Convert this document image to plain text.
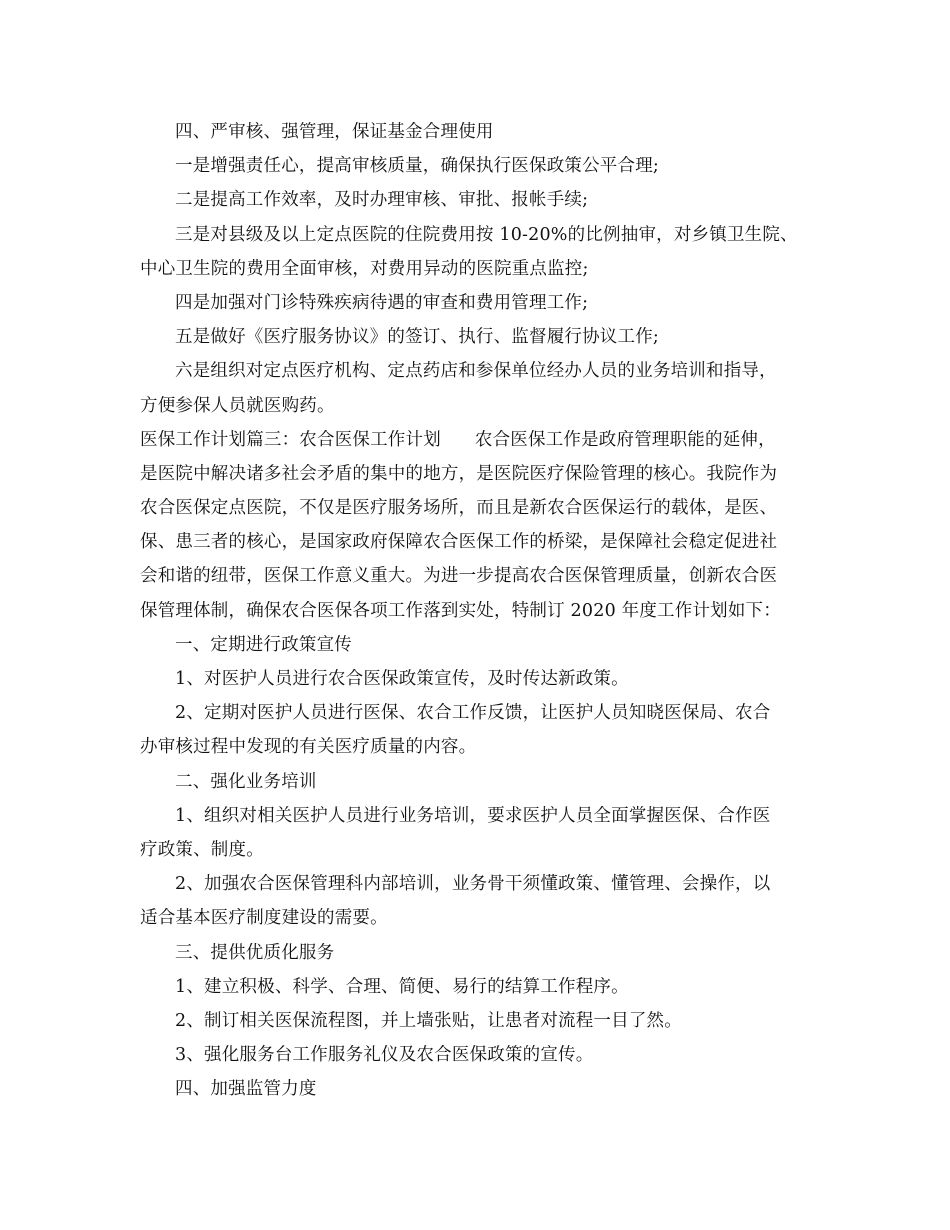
四、严审核、强管理，保证基金合理使用
一是增强责任心，提高审核质量，确保执行医保政策公平合理;
二是提高工作效率，及时办理审核、审批、报帐手续;
三是对县级及以上定点医院的住院费用按 10-20%的比例抽审，对乡镇卫生院、
中心卫生院的费用全面审核，对费用异动的医院重点监控;
四是加强对门诊特殊疾病待遇的审查和费用管理工作;
五是做好《医疗服务协议》的签订、执行、监督履行协议工作;
六是组织对定点医疗机构、定点药店和参保单位经办人员的业务培训和指导，
方便参保人员就医购药。
医保工作计划篇三：农合医保工作计划 农合医保工作是政府管理职能的延伸，
是医院中解决诸多社会矛盾的集中的地方，是医院医疗保险管理的核心。我院作为
农合医保定点医院，不仅是医疗服务场所，而且是新农合医保运行的载体，是医、
保、患三者的核心，是国家政府保障农合医保工作的桥梁，是保障社会稳定促进社
会和谐的纽带，医保工作意义重大。为进一步提高农合医保管理质量，创新农合医
保管理体制，确保农合医保各项工作落到实处，特制订 2020 年度工作计划如下：
一、定期进行政策宣传
1、对医护人员进行农合医保政策宣传，及时传达新政策。
2、定期对医护人员进行医保、农合工作反馈，让医护人员知晓医保局、农合
办审核过程中发现的有关医疗质量的内容。
二、强化业务培训
1、组织对相关医护人员进行业务培训，要求医护人员全面掌握医保、合作医
疗政策、制度。
2、加强农合医保管理科内部培训，业务骨干须懂政策、懂管理、会操作，以
适合基本医疗制度建设的需要。
三、提供优质化服务
1、建立积极、科学、合理、简便、易行的结算工作程序。
2、制订相关医保流程图，并上墙张贴，让患者对流程一目了然。
3、强化服务台工作服务礼仪及农合医保政策的宣传。
四、加强监管力度
